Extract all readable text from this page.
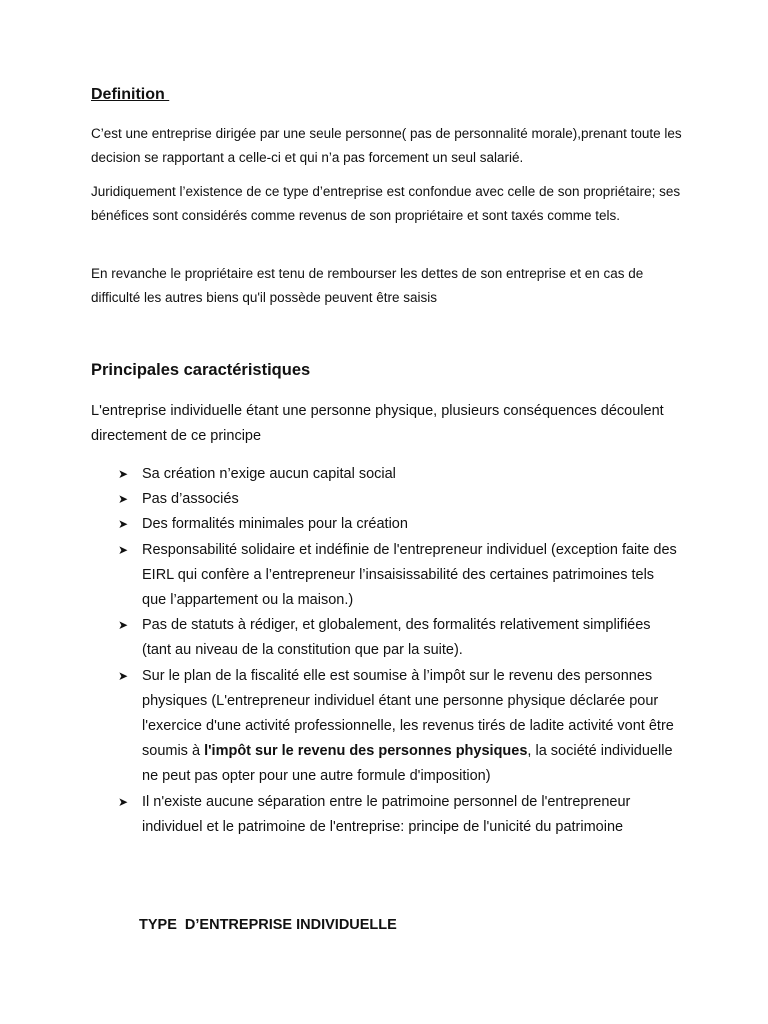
Definition

C’est une entreprise dirigée par une seule personne( pas de personnalité morale),prenant toute les decision se rapportant a celle-ci et qui n’a pas forcement un seul salarié.

Juridiquement l’existence de ce type d’entreprise est confondue avec celle de son propriétaire; ses bénéfices sont considérés comme revenus de son propriétaire et sont taxés comme tels.

En revanche le propriétaire est tenu de rembourser les dettes de son entreprise et en cas de difficulté les autres biens qu'il possède peuvent être saisis

Principales caractéristiques

L'entreprise individuelle étant une personne physique, plusieurs conséquences découlent directement de ce principe

➤ Sa création n’exige aucun capital social
➤ Pas d’associés
➤ Des formalités minimales pour la création
➤ Responsabilité solidaire et indéfinie de l'entrepreneur individuel (exception faite des EIRL qui confère a l’entrepreneur l’insaisissabilité des certaines patrimoines tels que l’appartement ou la maison.)
➤ Pas de statuts à rédiger, et globalement, des formalités relativement simplifiées (tant au niveau de la constitution que par la suite).
➤ Sur le plan de la fiscalité elle est soumise à l’impôt sur le revenu des personnes physiques (L'entrepreneur individuel étant une personne physique déclarée pour l'exercice d'une activité professionnelle, les revenus tirés de ladite activité vont être soumis à l'impôt sur le revenu des personnes physiques, la société individuelle ne peut pas opter pour une autre formule d'imposition)
➤ Il n'existe aucune séparation entre le patrimoine personnel de l'entrepreneur individuel et le patrimoine de l'entreprise: principe de l'unicité du patrimoine
TYPE  D’ENTREPRISE INDIVIDUELLE
